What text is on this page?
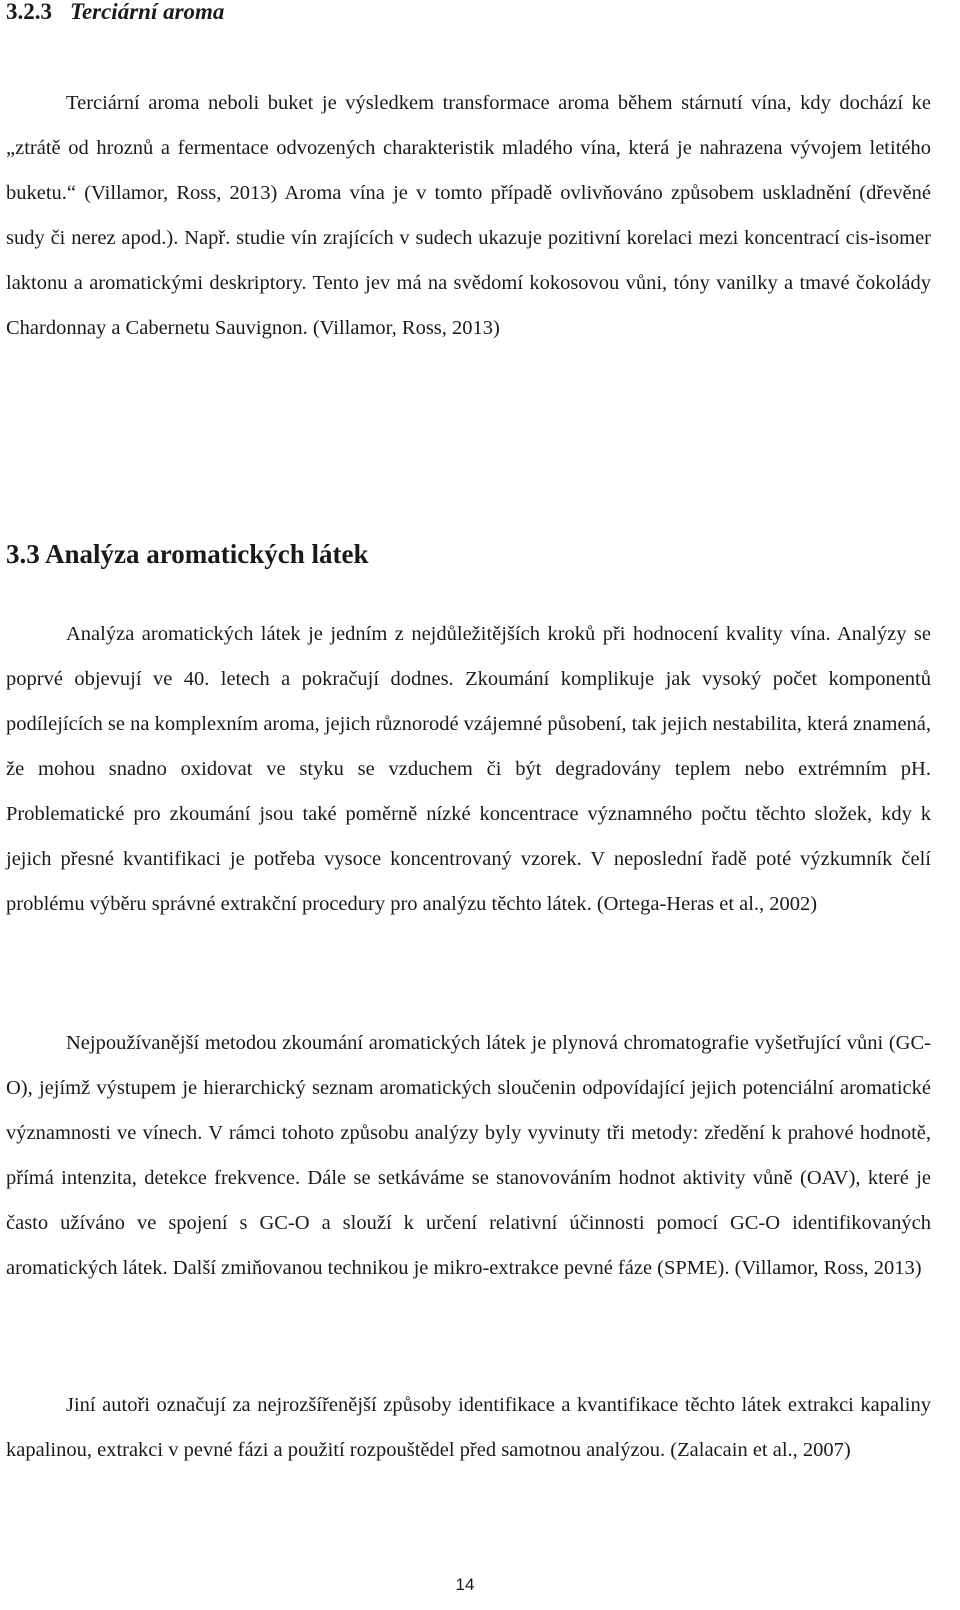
3.2.3 Terciární aroma

Terciární aroma neboli buket je výsledkem transformace aroma během stárnutí vína, kdy dochází ke „ztrátě od hroznů a fermentace odvozených charakteristik mladého vína, která je nahrazena vývojem letitého buketu.“ (Villamor, Ross, 2013) Aroma vína je v tomto případě ovlivňováno způsobem uskladnění (dřevěné sudy či nerez apod.). Např. studie vín zrajících v sudech ukazuje pozitivní korelaci mezi koncentrací cis-isomer laktonu a aromatickými deskriptory. Tento jev má na svědomí kokosovou vůni, tóny vanilky a tmavé čokolády Chardonnay a Cabernetu Sauvignon. (Villamor, Ross, 2013)

3.3 Analýza aromatických látek

Analýza aromatických látek je jedním z nejdůležitějších kroků při hodnocení kvality vína. Analýzy se poprvé objevují ve 40. letech a pokračují dodnes. Zkoumání komplikuje jak vysoký počet komponentů podílejících se na komplexním aroma, jejich různorodé vzájemné působení, tak jejich nestabilita, která znamená, že mohou snadno oxidovat ve styku se vzduchem či být degradovány teplem nebo extrémním pH. Problematické pro zkoumání jsou také poměrně nízké koncentrace významného počtu těchto složek, kdy k jejich přesné kvantifikaci je potřeba vysoce koncentrovaný vzorek. V neposlední řadě poté výzkumník čelí problému výběru správné extrakční procedury pro analýzu těchto látek. (Ortega-Heras et al., 2002)

Nejpoužívanější metodou zkoumání aromatických látek je plynová chromatografie vyšetřující vůni (GC-O), jejímž výstupem je hierarchický seznam aromatických sloučenin odpovídající jejich potenciální aromatické významnosti ve vínech. V rámci tohoto způsobu analýzy byly vyvinuty tři metody: zředění k prahové hodnotě, přímá intenzita, detekce frekvence. Dále se setkáváme se stanovováním hodnot aktivity vůně (OAV), které je často užíváno ve spojení s GC-O a slouží k určení relativní účinnosti pomocí GC-O identifikovaných aromatických látek. Další zmiňovanou technikou je mikro-extrakce pevné fáze (SPME). (Villamor, Ross, 2013)

Jiní autoři označují za nejrozšířenější způsoby identifikace a kvantifikace těchto látek extrakci kapaliny kapalinou, extrakci v pevné fázi a použití rozpouštědel před samotnou analýzou. (Zalacain et al., 2007)

14
